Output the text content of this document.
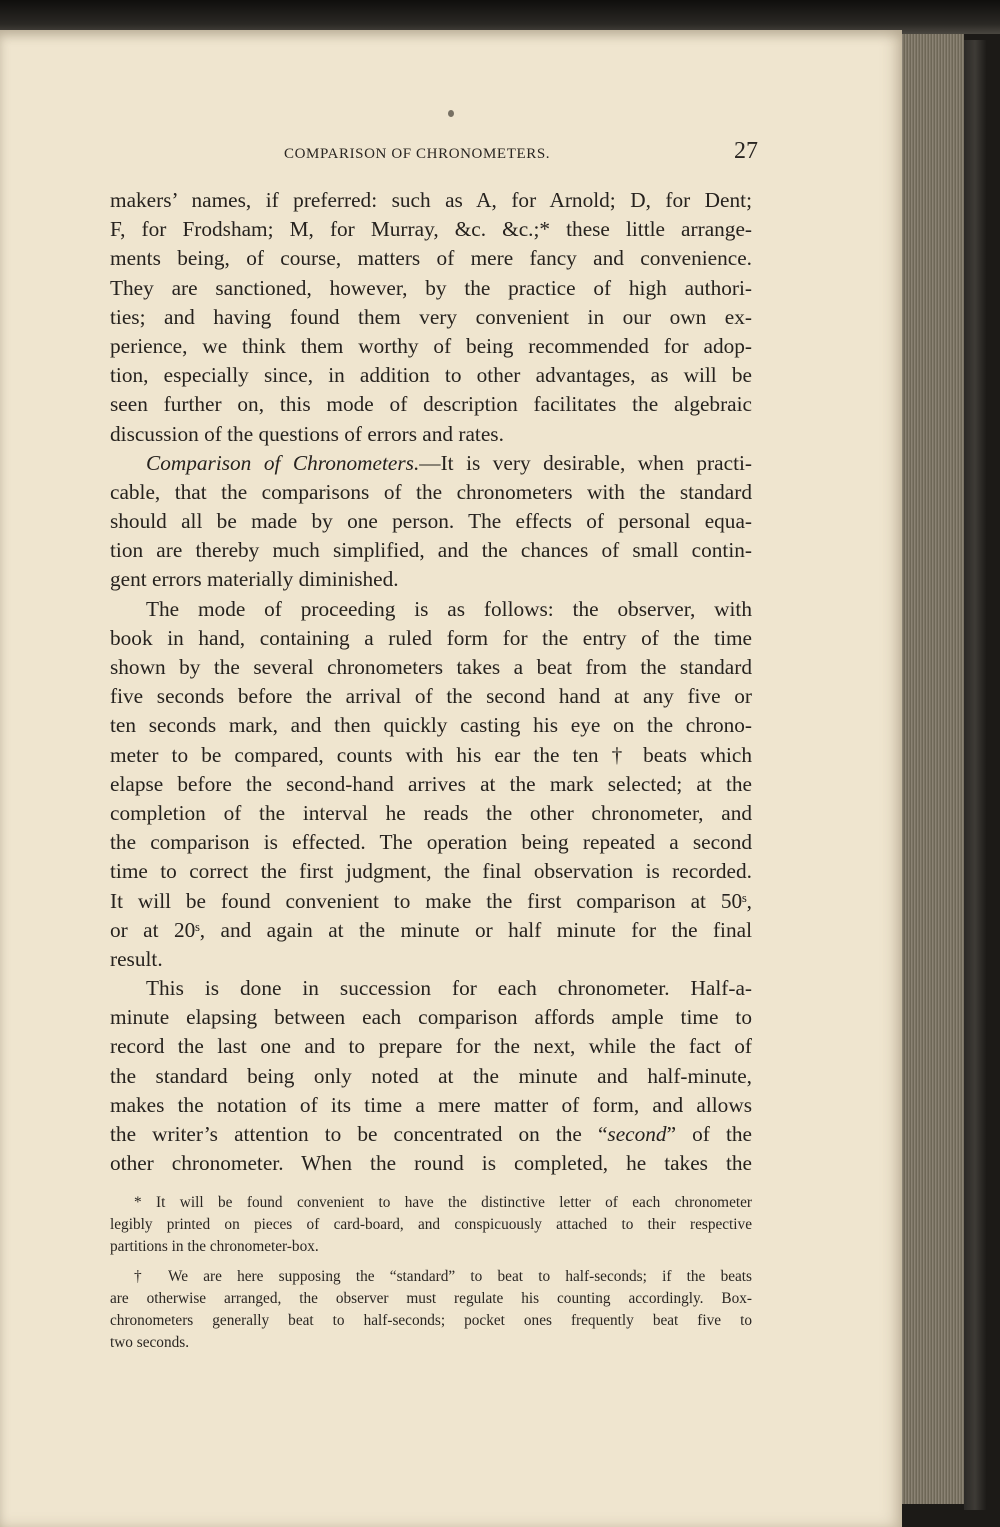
COMPARISON OF CHRONOMETERS.	27
makers’ names, if preferred: such as A, for Arnold; D, for Dent;
F, for Frodsham; M, for Murray, &c. &c.;* these little arrange-
ments being, of course, matters of mere fancy and convenience.
They are sanctioned, however, by the practice of high authori-
ties; and having found them very convenient in our own ex-
perience, we think them worthy of being recommended for adop-
tion, especially since, in addition to other advantages, as will be
seen further on, this mode of description facilitates the algebraic
discussion of the questions of errors and rates.
Comparison of Chronometers.—It is very desirable, when practi-
cable, that the comparisons of the chronometers with the standard
should all be made by one person. The effects of personal equa-
tion are thereby much simplified, and the chances of small contin-
gent errors materially diminished.
The mode of proceeding is as follows: the observer, with
book in hand, containing a ruled form for the entry of the time
shown by the several chronometers takes a beat from the standard
five seconds before the arrival of the second hand at any five or
ten seconds mark, and then quickly casting his eye on the chrono-
meter to be compared, counts with his ear the ten † beats which
elapse before the second-hand arrives at the mark selected; at the
completion of the interval he reads the other chronometer, and
the comparison is effected. The operation being repeated a second
time to correct the first judgment, the final observation is recorded.
It will be found convenient to make the first comparison at 50ˢ,
or at 20ˢ, and again at the minute or half minute for the final
result.
This is done in succession for each chronometer. Half-a-
minute elapsing between each comparison affords ample time to
record the last one and to prepare for the next, while the fact of
the standard being only noted at the minute and half-minute,
makes the notation of its time a mere matter of form, and allows
the writer’s attention to be concentrated on the “second” of the
other chronometer. When the round is completed, he takes the
* It will be found convenient to have the distinctive letter of each chronometer
legibly printed on pieces of card-board, and conspicuously attached to their respective
partitions in the chronometer-box.
† We are here supposing the “standard” to beat to half-seconds; if the beats
are otherwise arranged, the observer must regulate his counting accordingly. Box-
chronometers generally beat to half-seconds; pocket ones frequently beat five to
two seconds.
